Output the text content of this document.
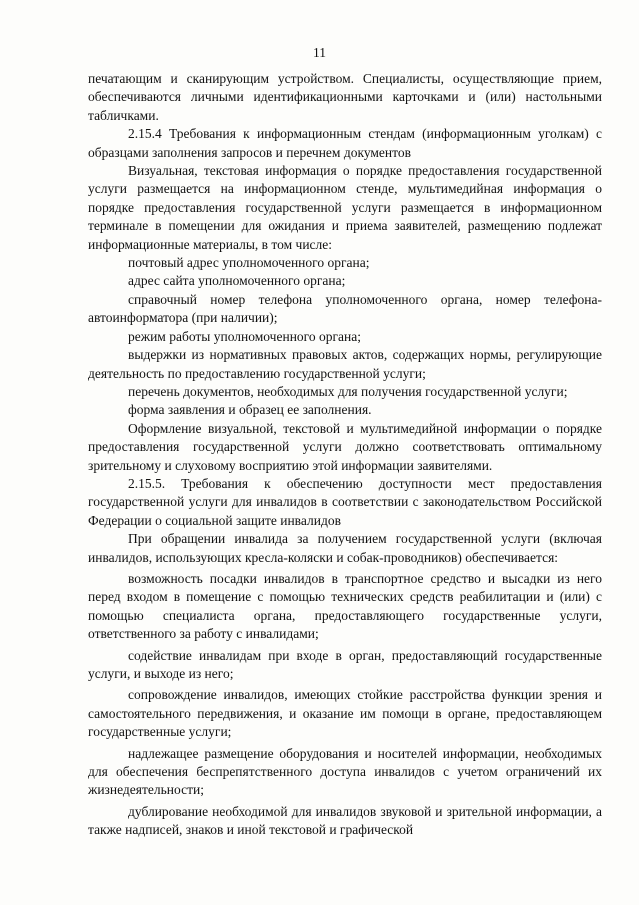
11

печатающим и сканирующим устройством. Специалисты, осуществляющие прием, обеспечиваются личными идентификационными карточками и (или) настольными табличками.

2.15.4 Требования к информационным стендам (информационным уголкам) с образцами заполнения запросов и перечнем документов

Визуальная, текстовая информация о порядке предоставления государственной услуги размещается на информационном стенде, мультимедийная информация о порядке предоставления государственной услуги размещается в информационном терминале в помещении для ожидания и приема заявителей, размещению подлежат информационные материалы, в том числе:

почтовый адрес уполномоченного органа;

адрес сайта уполномоченного органа;

справочный номер телефона уполномоченного органа, номер телефона-автоинформатора (при наличии);

режим работы уполномоченного органа;

выдержки из нормативных правовых актов, содержащих нормы, регулирующие деятельность по предоставлению государственной услуги;

перечень документов, необходимых для получения государственной услуги;

форма заявления и образец ее заполнения.

Оформление визуальной, текстовой и мультимедийной информации о порядке предоставления государственной услуги должно соответствовать оптимальному зрительному и слуховому восприятию этой информации заявителями.

2.15.5. Требования к обеспечению доступности мест предоставления государственной услуги для инвалидов в соответствии с законодательством Российской Федерации о социальной защите инвалидов

При обращении инвалида за получением государственной услуги (включая инвалидов, использующих кресла-коляски и собак-проводников) обеспечивается:

возможность посадки инвалидов в транспортное средство и высадки из него перед входом в помещение с помощью технических средств реабилитации и (или) с помощью специалиста органа, предоставляющего государственные услуги, ответственного за работу с инвалидами;

содействие инвалидам при входе в орган, предоставляющий государственные услуги, и выходе из него;

сопровождение инвалидов, имеющих стойкие расстройства функции зрения и самостоятельного передвижения, и оказание им помощи в органе, предоставляющем государственные услуги;

надлежащее размещение оборудования и носителей информации, необходимых для обеспечения беспрепятственного доступа инвалидов с учетом ограничений их жизнедеятельности;

дублирование необходимой для инвалидов звуковой и зрительной информации, а также надписей, знаков и иной текстовой и графической
